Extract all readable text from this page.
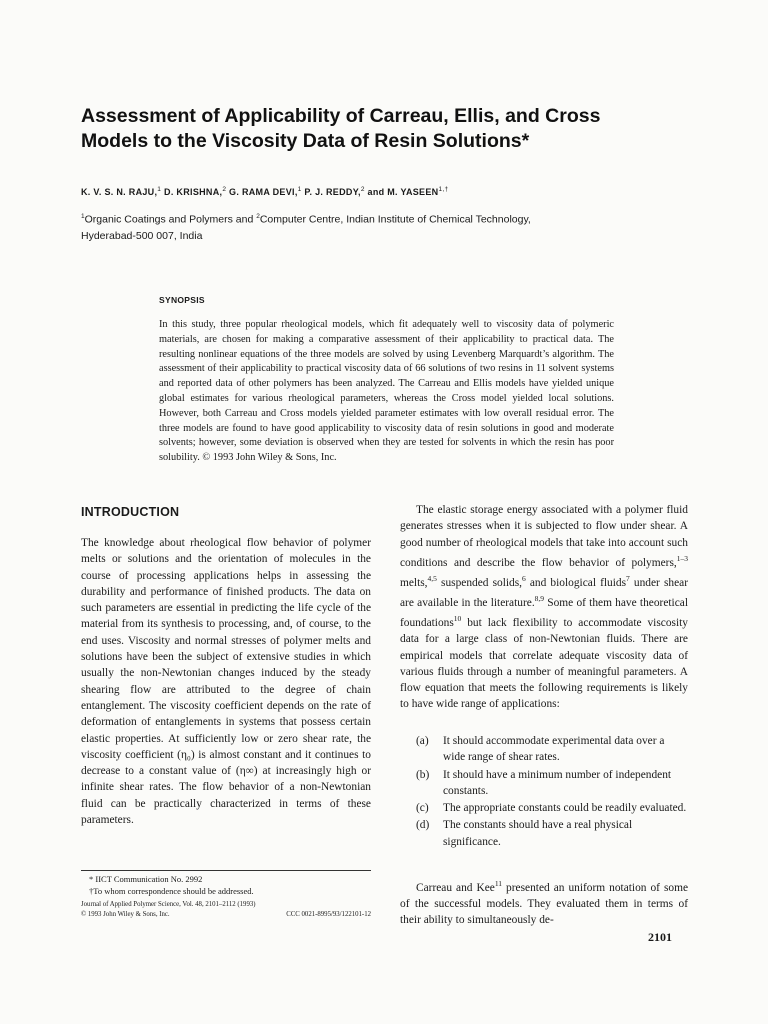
Assessment of Applicability of Carreau, Ellis, and Cross
Models to the Viscosity Data of Resin Solutions*

K. V. S. N. RAJU,$^1$ D. KRISHNA,$^2$ G. RAMA DEVI,$^1$ P. J. REDDY,$^2$ and M. $YASEEN^{1,\dagger}$

$^1$Organic Coatings and Polymers and $^2$Computer Centre, Indian Institute of Chemical Technology,
Hyderabad-500 007, India

SYNOPSIS

In this study, three popular rheological models, which fit adequately well to viscosity data of polymeric materials, are chosen for making a comparative assessment of their applicability to practical data. The resulting nonlinear equations of the three models are solved by using Levenberg Marquardt’s algorithm. The assessment of their applicability to practical viscosity data of 66 solutions of two resins in 11 solvent systems and reported data of other polymers has been analyzed. The Carreau and Ellis models have yielded unique global estimates for various rheological parameters, whereas the Cross model yielded local solutions. However, both Carreau and Cross models yielded parameter estimates with low overall residual error. The three models are found to have good applicability to viscosity data of resin solutions in good and moderate solvents; however, some deviation is observed when they are tested for solvents in which the resin has poor solubility. © 1993 John Wiley & Sons, Inc.

INTRODUCTION

The knowledge about rheological flow behavior of polymer melts or solutions and the orientation of molecules in the course of processing applications helps in assessing the durability and performance of finished products. The data on such parameters are essential in predicting the life cycle of the material from its synthesis to processing, and, of course, to the end uses. Viscosity and normal stresses of polymer melts and solutions have been the subject of extensive studies in which usually the non-Newtonian changes induced by the steady shearing flow are attributed to the degree of chain entanglement. The viscosity coefficient depends on the rate of deformation of entanglements in systems that possess certain elastic properties. At sufficiently low or zero shear rate, the viscosity coefficient (η₀) is almost constant and it continues to decrease to a constant value of (η∞) at increasingly high or infinite shear rates. The flow behavior of a non-Newtonian fluid can be practically characterized in terms of these parameters.

The elastic storage energy associated with a polymer fluid generates stresses when it is subjected to flow under shear. A good number of rheological models that take into account such conditions and describe the flow behavior of polymers,$^{1-3}$ melts,$^{4,5}$ suspended solids,$^6$ and biological fluids$^7$ under shear are available in the literature.$^{8,9}$ Some of them have theoretical foundations$^{10}$ but lack flexibility to accommodate viscosity data for a large class of non-Newtonian fluids. There are empirical models that correlate adequate viscosity data of various fluids through a number of meaningful parameters. A flow equation that meets the following requirements is likely to have wide range of applications:

(a)	It should accommodate experimental data over a wide range of shear rates.
(b)	It should have a minimum number of independent constants.
(c)	The appropriate constants could be readily evaluated.
(d)	The constants should have a real physical significance.

Carreau and Kee$^{11}$ presented an uniform notation of some of the successful models. They evaluated them in terms of their ability to simultaneously de-

* IICT Communication No. 2992
†To whom correspondence should be addressed.
Journal of Applied Polymer Science, Vol. 48, 2101–2112 (1993)
© 1993 John Wiley & Sons, Inc.	CCC 0021-8995/93/122101-12

2101
